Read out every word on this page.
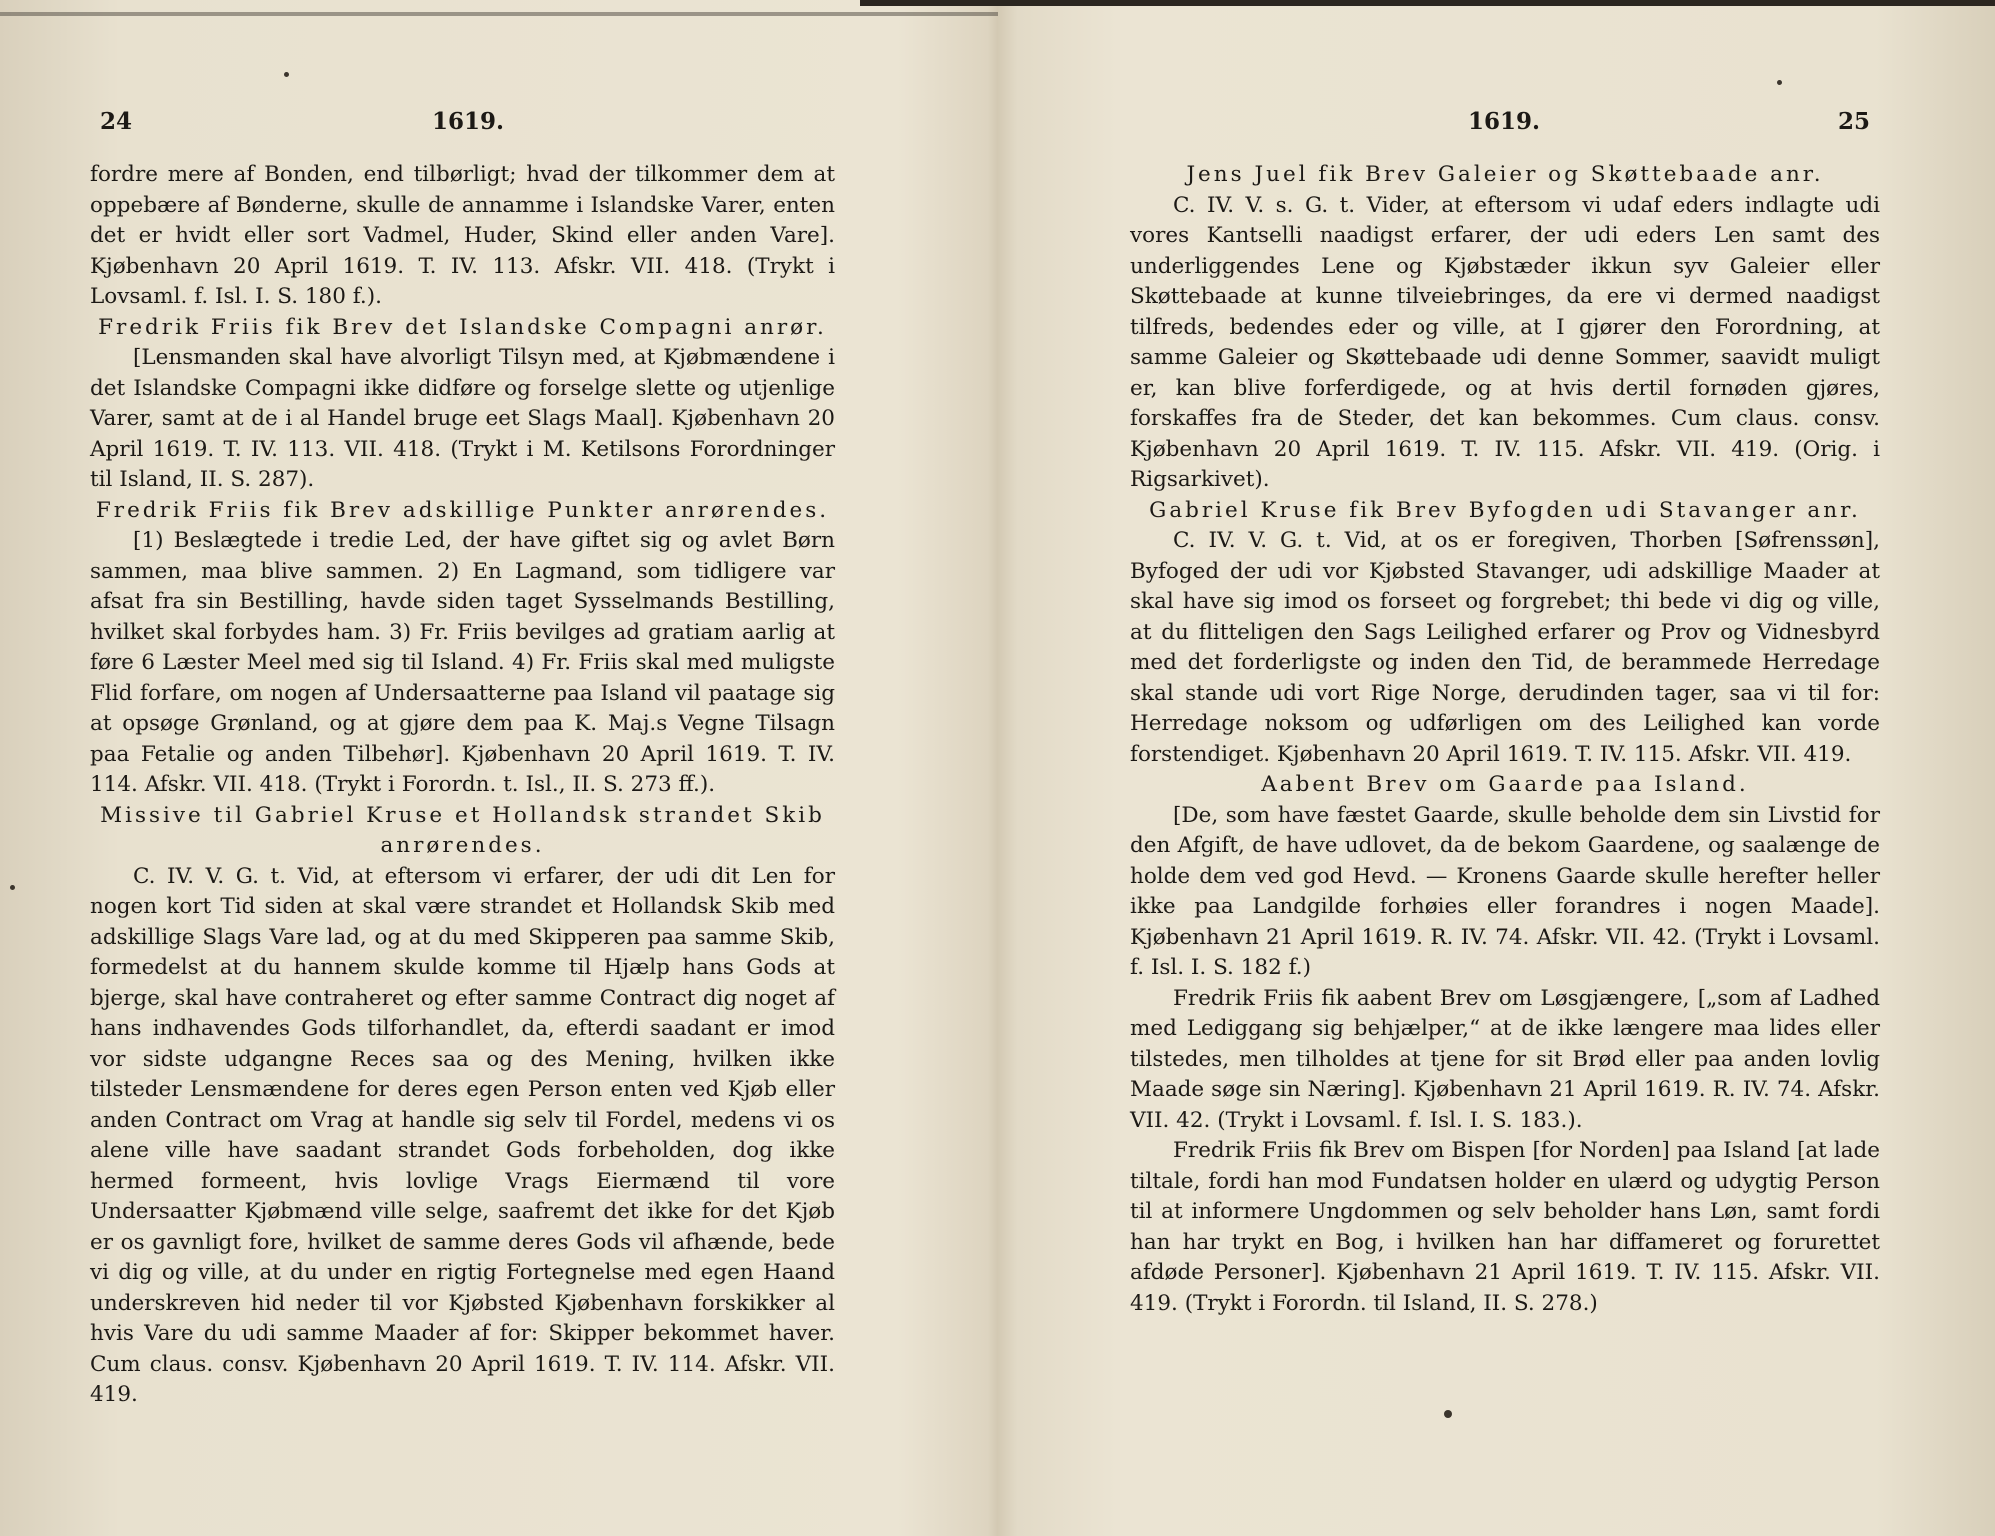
24	1619.

fordre mere af Bonden, end tilbørligt; hvad der tilkommer dem at oppebære af Bønderne, skulle de annamme i Islandske Varer, enten det er hvidt eller sort Vadmel, Huder, Skind eller anden Vare]. Kjøbenhavn 20 April 1619. T. IV. 113. Afskr. VII. 418. (Trykt i Lovsaml. f. Isl. I. S. 180 f.).

Fredrik Friis fik Brev det Islandske Compagni anrør.

[Lensmanden skal have alvorligt Tilsyn med, at Kjøbmændene i det Islandske Compagni ikke didføre og forselge slette og utjenlige Varer, samt at de i al Handel bruge eet Slags Maal]. Kjøbenhavn 20 April 1619. T. IV. 113. VII. 418. (Trykt i M. Ketilsons Forordninger til Island, II. S. 287).

Fredrik Friis fik Brev adskillige Punkter anrørendes.

[1) Beslægtede i tredie Led, der have giftet sig og avlet Børn sammen, maa blive sammen. 2) En Lagmand, som tidligere var afsat fra sin Bestilling, havde siden taget Sysselmands Bestilling, hvilket skal forbydes ham. 3) Fr. Friis bevilges ad gratiam aarlig at føre 6 Læster Meel med sig til Island. 4) Fr. Friis skal med muligste Flid forfare, om nogen af Undersaatterne paa Island vil paatage sig at opsøge Grønland, og at gjøre dem paa K. Maj.s Vegne Tilsagn paa Fetalie og anden Tilbehør]. Kjøbenhavn 20 April 1619. T. IV. 114. Afskr. VII. 418. (Trykt i Forordn. t. Isl., II. S. 273 ff.).

Missive til Gabriel Kruse et Hollandsk strandet Skib anrørendes.

C. IV. V. G. t. Vid, at eftersom vi erfarer, der udi dit Len for nogen kort Tid siden at skal være strandet et Hollandsk Skib med adskillige Slags Vare lad, og at du med Skipperen paa samme Skib, formedelst at du hannem skulde komme til Hjælp hans Gods at bjerge, skal have contraheret og efter samme Contract dig noget af hans indhavendes Gods tilforhandlet, da, efterdi saadant er imod vor sidste udgangne Reces saa og des Mening, hvilken ikke tilsteder Lensmændene for deres egen Person enten ved Kjøb eller anden Contract om Vrag at handle sig selv til Fordel, medens vi os alene ville have saadant strandet Gods forbeholden, dog ikke hermed formeent, hvis lovlige Vrags Eiermænd til vore Undersaatter Kjøbmænd ville selge, saafremt det ikke for det Kjøb er os gavnligt fore, hvilket de samme deres Gods vil afhænde, bede vi dig og ville, at du under en rigtig Fortegnelse med egen Haand underskreven hid neder til vor Kjøbsted Kjøbenhavn forskikker al hvis Vare du udi samme Maader af for: Skipper bekommet haver. Cum claus. consv. Kjøbenhavn 20 April 1619. T. IV. 114. Afskr. VII. 419.

1619.	25

Jens Juel fik Brev Galeier og Skøttebaade anr.

C. IV. V. s. G. t. Vider, at eftersom vi udaf eders indlagte udi vores Kantselli naadigst erfarer, der udi eders Len samt des underliggendes Lene og Kjøbstæder ikkun syv Galeier eller Skøttebaade at kunne tilveiebringes, da ere vi dermed naadigst tilfreds, bedendes eder og ville, at I gjører den Forordning, at samme Galeier og Skøttebaade udi denne Sommer, saavidt muligt er, kan blive forferdigede, og at hvis dertil fornøden gjøres, forskaffes fra de Steder, det kan bekommes. Cum claus. consv. Kjøbenhavn 20 April 1619. T. IV. 115. Afskr. VII. 419. (Orig. i Rigsarkivet).

Gabriel Kruse fik Brev Byfogden udi Stavanger anr.

C. IV. V. G. t. Vid, at os er foregiven, Thorben [Søfrenssøn], Byfoged der udi vor Kjøbsted Stavanger, udi adskillige Maader at skal have sig imod os forseet og forgrebet; thi bede vi dig og ville, at du flitteligen den Sags Leilighed erfarer og Prov og Vidnesbyrd med det forderligste og inden den Tid, de berammede Herredage skal stande udi vort Rige Norge, derudinden tager, saa vi til for: Herredage noksom og udførligen om des Leilighed kan vorde forstendiget. Kjøbenhavn 20 April 1619. T. IV. 115. Afskr. VII. 419.

Aabent Brev om Gaarde paa Island.

[De, som have fæstet Gaarde, skulle beholde dem sin Livstid for den Afgift, de have udlovet, da de bekom Gaardene, og saalænge de holde dem ved god Hevd. — Kronens Gaarde skulle herefter heller ikke paa Landgilde forhøies eller forandres i nogen Maade]. Kjøbenhavn 21 April 1619. R. IV. 74. Afskr. VII. 42. (Trykt i Lovsaml. f. Isl. I. S. 182 f.)

Fredrik Friis fik aabent Brev om Løsgjængere, [„som af Ladhed med Lediggang sig behjælper,“ at de ikke længere maa lides eller tilstedes, men tilholdes at tjene for sit Brød eller paa anden lovlig Maade søge sin Næring]. Kjøbenhavn 21 April 1619. R. IV. 74. Afskr. VII. 42. (Trykt i Lovsaml. f. Isl. I. S. 183.).

Fredrik Friis fik Brev om Bispen [for Norden] paa Island [at lade tiltale, fordi han mod Fundatsen holder en ulærd og udygtig Person til at informere Ungdommen og selv beholder hans Løn, samt fordi han har trykt en Bog, i hvilken han har diffameret og forurettet afdøde Personer]. Kjøbenhavn 21 April 1619. T. IV. 115. Afskr. VII. 419. (Trykt i Forordn. til Island, II. S. 278.)
